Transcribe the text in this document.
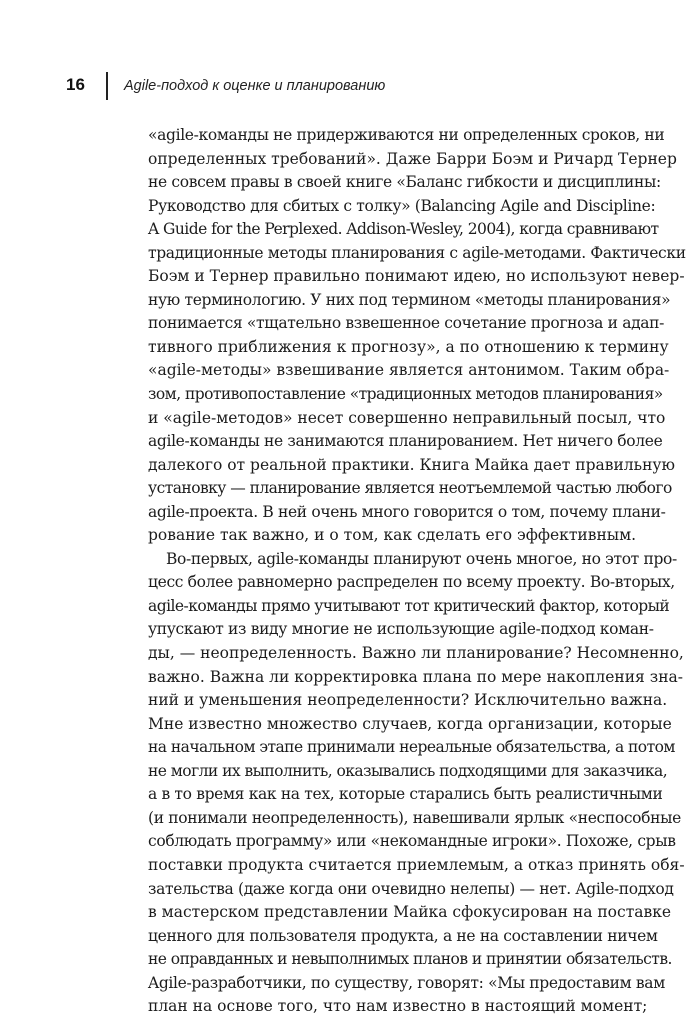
16	Agile-подход к оценке и планированию
«agile-команды не придерживаются ни определенных сроков, ни
определенных требований». Даже Барри Боэм и Ричард Тернер
не совсем правы в своей книге «Баланс гибкости и дисциплины:
Руководство для сбитых с толку» (Balancing Agile and Discipline:
A Guide for the Perplexed. Addison-Wesley, 2004), когда сравнивают
традиционные методы планирования с agile-методами. Фактически
Боэм и Тернер правильно понимают идею, но используют невер-
ную терминологию. У них под термином «методы планирования»
понимается «тщательно взвешенное сочетание прогноза и адап-
тивного приближения к прогнозу», а по отношению к термину
«agile-методы» взвешивание является антонимом. Таким обра-
зом, противопоставление «традиционных методов планирования»
и «agile-методов» несет совершенно неправильный посыл, что
agile-команды не занимаются планированием. Нет ничего более
далекого от реальной практики. Книга Майка дает правильную
установку — планирование является неотъемлемой частью любого
agile-проекта. В ней очень много говорится о том, почему плани-
рование так важно, и о том, как сделать его эффективным.
Во-первых, agile-команды планируют очень многое, но этот про-
цесс более равномерно распределен по всему проекту. Во-вторых,
agile-команды прямо учитывают тот критический фактор, который
упускают из виду многие не использующие agile-подход коман-
ды, — неопределенность. Важно ли планирование? Несомненно,
важно. Важна ли корректировка плана по мере накопления зна-
ний и уменьшения неопределенности? Исключительно важна.
Мне известно множество случаев, когда организации, которые
на начальном этапе принимали нереальные обязательства, а потом
не могли их выполнить, оказывались подходящими для заказчика,
а в то время как на тех, которые старались быть реалистичными
(и понимали неопределенность), навешивали ярлык «неспособные
соблюдать программу» или «некомандные игроки». Похоже, срыв
поставки продукта считается приемлемым, а отказ принять обя-
зательства (даже когда они очевидно нелепы) — нет. Agile-подход
в мастерском представлении Майка сфокусирован на поставке
ценного для пользователя продукта, а не на составлении ничем
не оправданных и невыполнимых планов и принятии обязательств.
Agile-разработчики, по существу, говорят: «Мы предоставим вам
план на основе того, что нам известно в настоящий момент;
